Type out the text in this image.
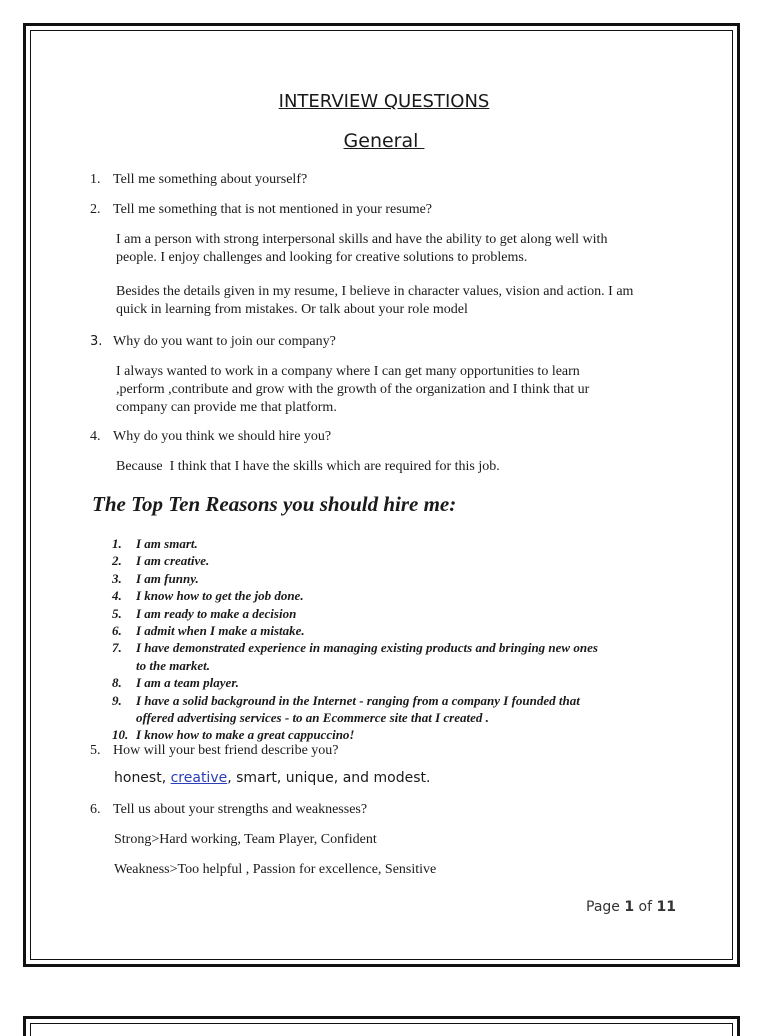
INTERVIEW QUESTIONS
General
1. Tell me something about yourself?
2. Tell me something that is not mentioned in your resume?
I am a person with strong interpersonal skills and have the ability to get along well with
people. I enjoy challenges and looking for creative solutions to problems.
Besides the details given in my resume, I believe in character values, vision and action. I am
quick in learning from mistakes. Or talk about your role model
3. Why do you want to join our company?
I always wanted to work in a company where I can get many opportunities to learn
,perform ,contribute and grow with the growth of the organization and I think that ur
company can provide me that platform.
4. Why do you think we should hire you?
Because  I think that I have the skills which are required for this job.
The Top Ten Reasons you should hire me:
1. I am smart.
2. I am creative.
3. I am funny.
4. I know how to get the job done.
5. I am ready to make a decision
6. I admit when I make a mistake.
7. I have demonstrated experience in managing existing products and bringing new ones
to the market.
8. I am a team player.
9. I have a solid background in the Internet - ranging from a company I founded that
offered advertising services - to an Ecommerce site that I created .
10. I know how to make a great cappuccino!
5. How will your best friend describe you?
honest, creative, smart, unique, and modest.
6. Tell us about your strengths and weaknesses?
Strong>Hard working, Team Player, Confident
Weakness>Too helpful , Passion for excellence, Sensitive
Page 1 of 11
